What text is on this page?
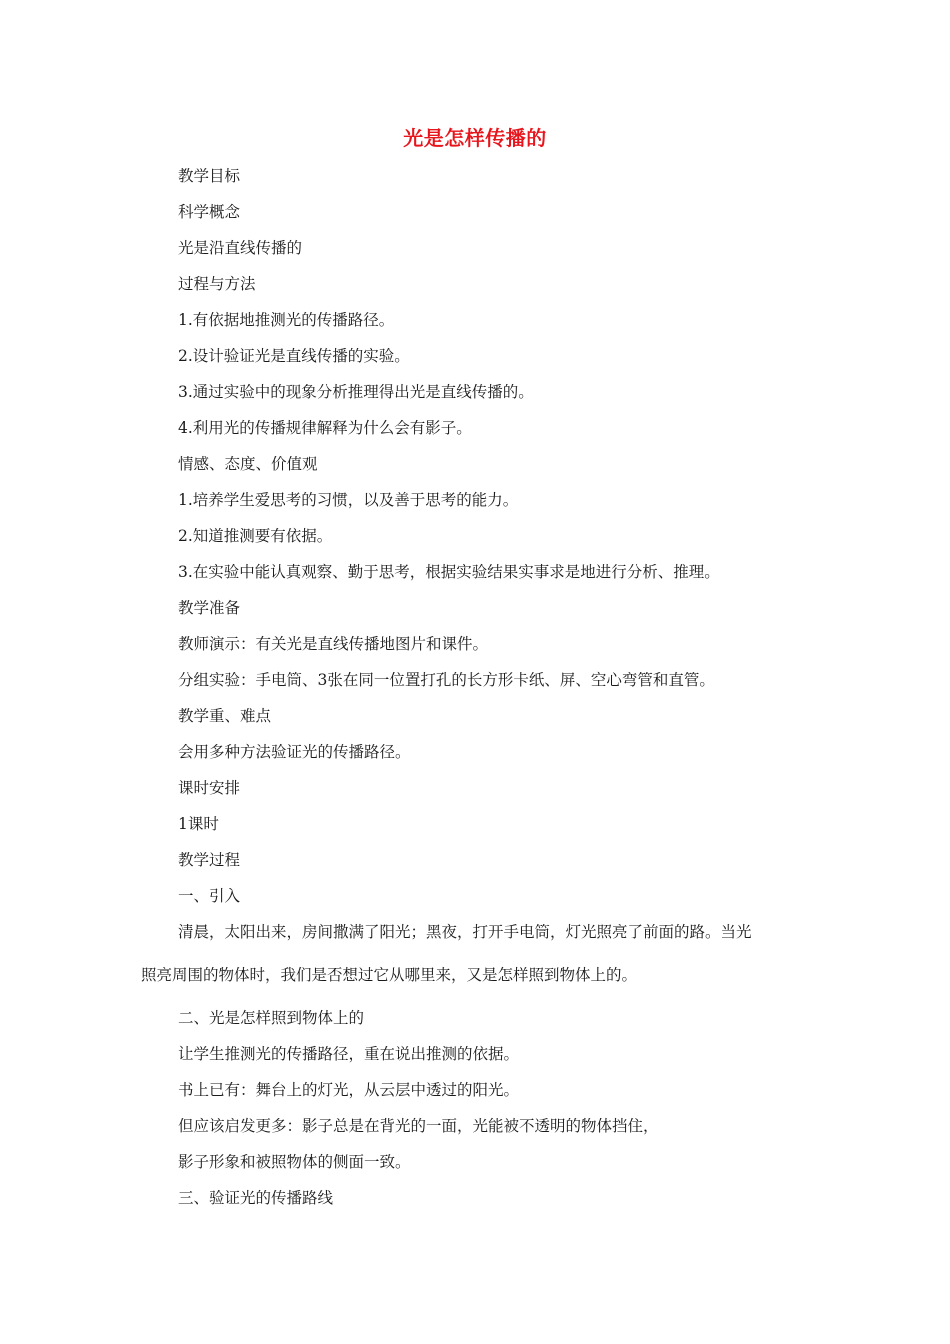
光是怎样传播的
教学目标
科学概念
光是沿直线传播的
过程与方法
1.有依据地推测光的传播路径。
2.设计验证光是直线传播的实验。
3.通过实验中的现象分析推理得出光是直线传播的。
4.利用光的传播规律解释为什么会有影子。
情感、态度、价值观
1.培养学生爱思考的习惯，以及善于思考的能力。
2.知道推测要有依据。
3.在实验中能认真观察、勤于思考，根据实验结果实事求是地进行分析、推理。
教学准备
教师演示：有关光是直线传播地图片和课件。
分组实验：手电筒、3张在同一位置打孔的长方形卡纸、屏、空心弯管和直管。
教学重、难点
会用多种方法验证光的传播路径。
课时安排
1课时
教学过程
一、引入
清晨，太阳出来，房间撒满了阳光；黑夜，打开手电筒，灯光照亮了前面的路。当光
照亮周围的物体时，我们是否想过它从哪里来，又是怎样照到物体上的。
二、光是怎样照到物体上的
让学生推测光的传播路径，重在说出推测的依据。
书上已有：舞台上的灯光，从云层中透过的阳光。
但应该启发更多：影子总是在背光的一面，光能被不透明的物体挡住，
影子形象和被照物体的侧面一致。
三、验证光的传播路线
